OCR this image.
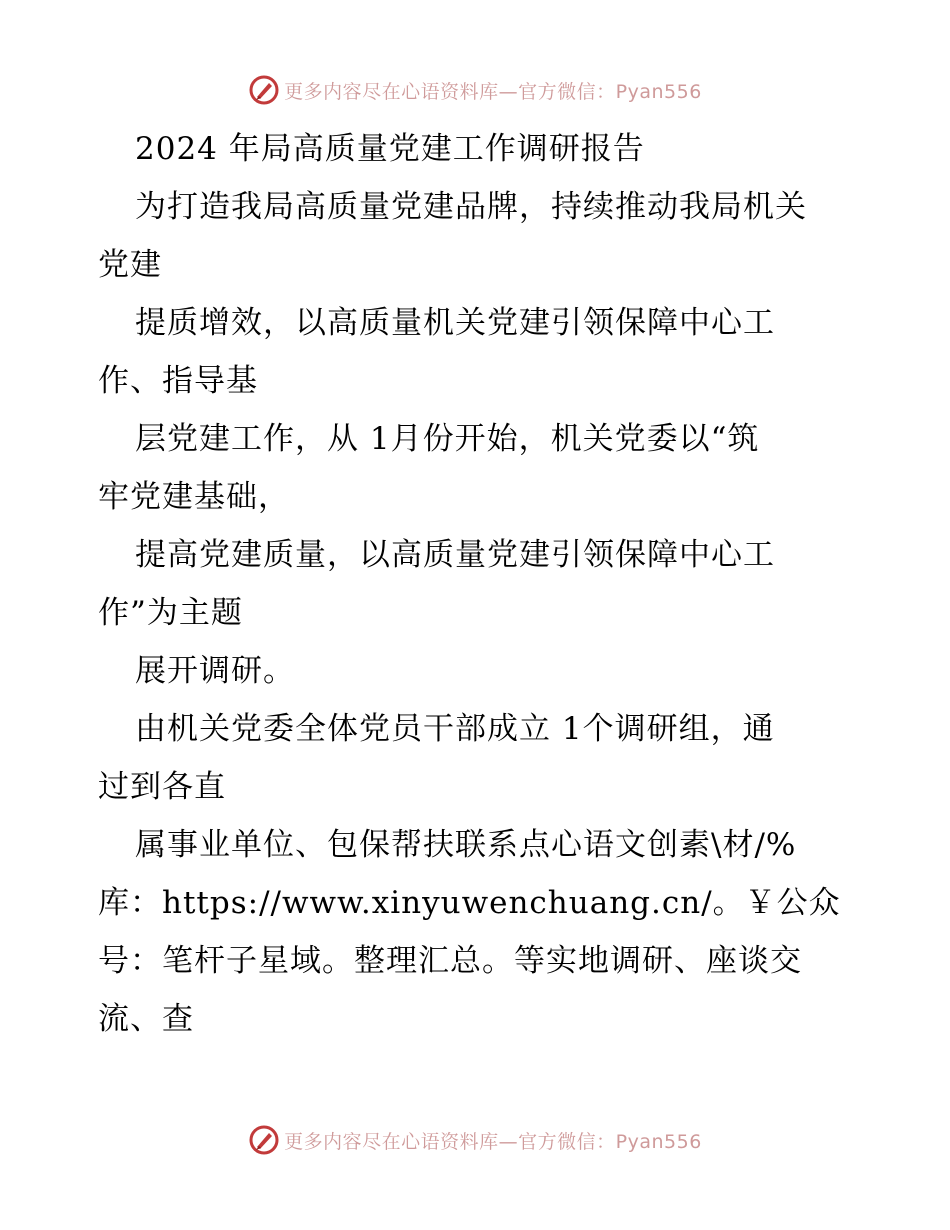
更多内容尽在心语资料库—官方微信：Pyan556
2024 年局高质量党建工作调研报告
为打造我局高质量党建品牌，持续推动我局机关
党建
提质增效，以高质量机关党建引领保障中心工
作、指导基
层党建工作，从 1月份开始，机关党委以“筑
牢党建基础，
提高党建质量，以高质量党建引领保障中心工
作”为主题
展开调研。
由机关党委全体党员干部成立 1个调研组，通
过到各直
属事业单位、包保帮扶联系点心语文创素\材/%
库：https://www.xinyuwenchuang.cn/。￥公众
号：笔杆子星域。整理汇总。等实地调研、座谈交
流、查
更多内容尽在心语资料库—官方微信：Pyan556
